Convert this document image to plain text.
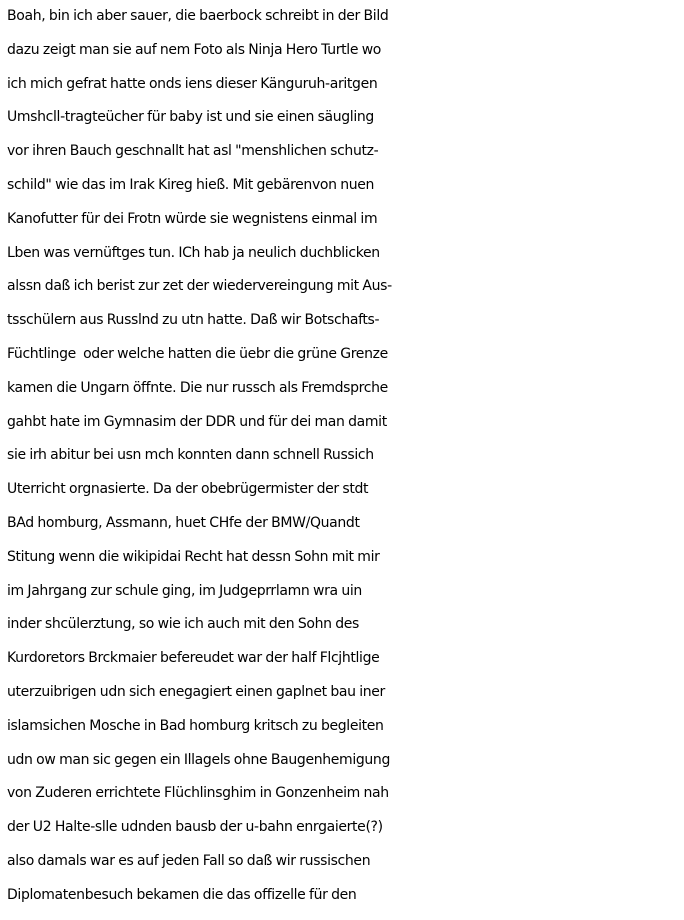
Boah, bin ich aber sauer, die baerbock schreibt in der Bild
dazu zeigt man sie auf nem Foto als Ninja Hero Turtle wo
ich mich gefrat hatte onds iens dieser Känguruh-aritgen
Umshcll-tragteücher für baby ist und sie einen säugling
vor ihren Bauch geschnallt hat asl "menshlichen schutz-
schild" wie das im Irak Kireg hieß. Mit gebärenvon nuen
Kanofutter für dei Frotn würde sie wegnistens einmal im
Lben was vernüftges tun. ICh hab ja neulich duchblicken
alssn daß ich berist zur zet der wiedervereingung mit Aus-
tsschülern aus Russlnd zu utn hatte. Daß wir Botschafts-
Füchtlinge  oder welche hatten die üebr die grüne Grenze
kamen die Ungarn öffnte. Die nur russch als Fremdsprche
gahbt hate im Gymnasim der DDR und für dei man damit
sie irh abitur bei usn mch konnten dann schnell Russich
Uterricht orgnasierte. Da der obebrügermister der stdt
BAd homburg, Assmann, huet CHfe der BMW/Quandt
Stitung wenn die wikipidai Recht hat dessn Sohn mit mir
im Jahrgang zur schule ging, im Judgeprrlamn wra uin
inder shcülerztung, so wie ich auch mit den Sohn des
Kurdoretors Brckmaier befereudet war der half Flcjhtlige
uterzuibrigen udn sich enegagiert einen gaplnet bau iner
islamsichen Mosche in Bad homburg kritsch zu begleiten
udn ow man sic gegen ein Illagels ohne Baugenhemigung
von Zuderen errichtete Flüchlinsghim in Gonzenheim nah
der U2 Halte-slle udnden bausb der u-bahn enrgaierte(?)
also damals war es auf jeden Fall so daß wir russischen
Diplomatenbesuch bekamen die das offizelle für den
